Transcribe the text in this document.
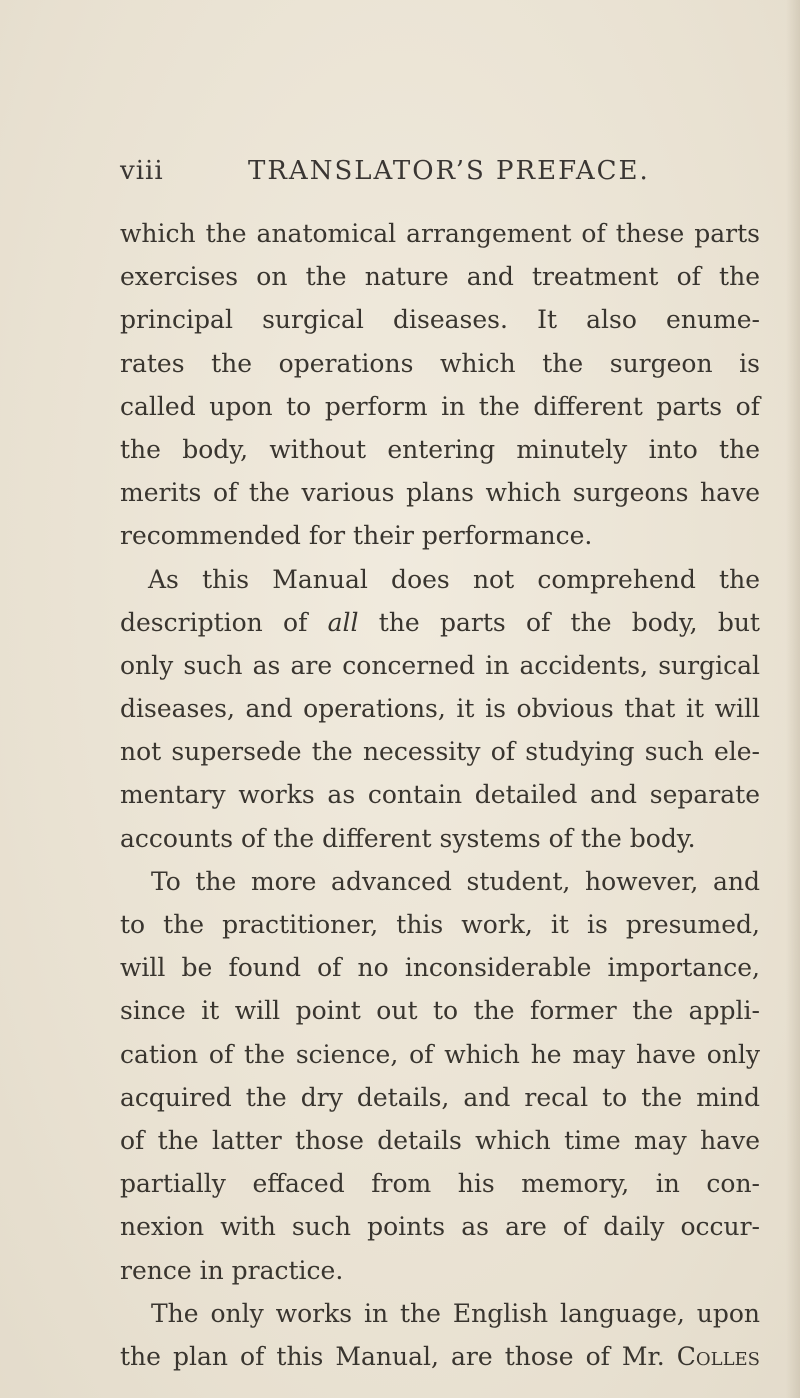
viii	TRANSLATOR’S PREFACE.
which the anatomical arrangement of these parts
exercises on the nature and treatment of the
principal surgical diseases. It also enume-
rates the operations which the surgeon is
called upon to perform in the different parts of
the body, without entering minutely into the
merits of the various plans which surgeons have
recommended for their performance.
As this Manual does not comprehend the
description of all the parts of the body, but
only such as are concerned in accidents, surgical
diseases, and operations, it is obvious that it will
not supersede the necessity of studying such ele-
mentary works as contain detailed and separate
accounts of the different systems of the body.
To the more advanced student, however, and
to the practitioner, this work, it is presumed,
will be found of no inconsiderable importance,
since it will point out to the former the appli-
cation of the science, of which he may have only
acquired the dry details, and recal to the mind
of the latter those details which time may have
partially effaced from his memory, in con-
nexion with such points as are of daily occur-
rence in practice.
The only works in the English language, upon
the plan of this Manual, are those of Mr. Colles
